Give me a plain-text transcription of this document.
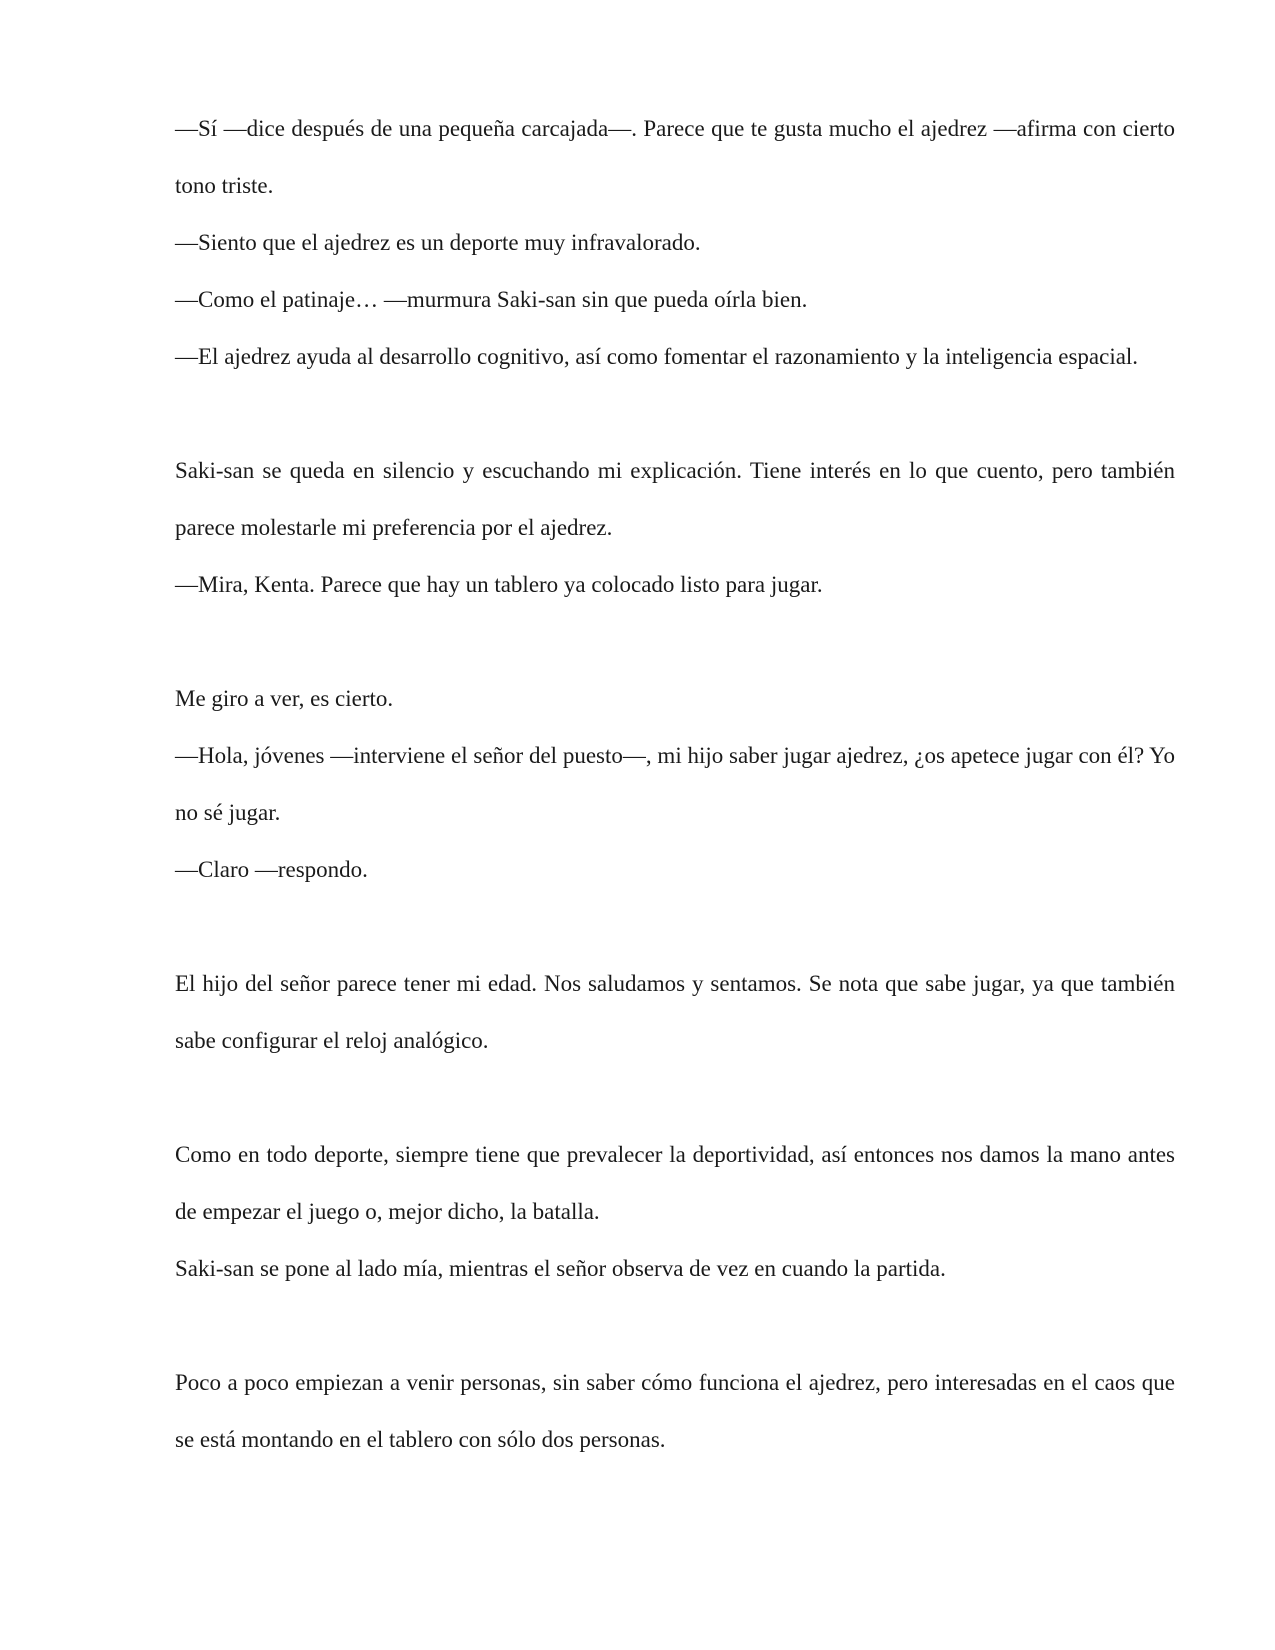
—Sí —dice después de una pequeña carcajada—. Parece que te gusta mucho el ajedrez —afirma con cierto tono triste.

—Siento que el ajedrez es un deporte muy infravalorado.

—Como el patinaje… —murmura Saki-san sin que pueda oírla bien.

—El ajedrez ayuda al desarrollo cognitivo, así como fomentar el razonamiento y la inteligencia espacial.

Saki-san se queda en silencio y escuchando mi explicación. Tiene interés en lo que cuento, pero también parece molestarle mi preferencia por el ajedrez.

—Mira, Kenta. Parece que hay un tablero ya colocado listo para jugar.

Me giro a ver, es cierto.

—Hola, jóvenes —interviene el señor del puesto—, mi hijo saber jugar ajedrez, ¿os apetece jugar con él? Yo no sé jugar.

—Claro —respondo.

El hijo del señor parece tener mi edad. Nos saludamos y sentamos. Se nota que sabe jugar, ya que también sabe configurar el reloj analógico.

Como en todo deporte, siempre tiene que prevalecer la deportividad, así entonces nos damos la mano antes de empezar el juego o, mejor dicho, la batalla.

Saki-san se pone al lado mía, mientras el señor observa de vez en cuando la partida.

Poco a poco empiezan a venir personas, sin saber cómo funciona el ajedrez, pero interesadas en el caos que se está montando en el tablero con sólo dos personas.
